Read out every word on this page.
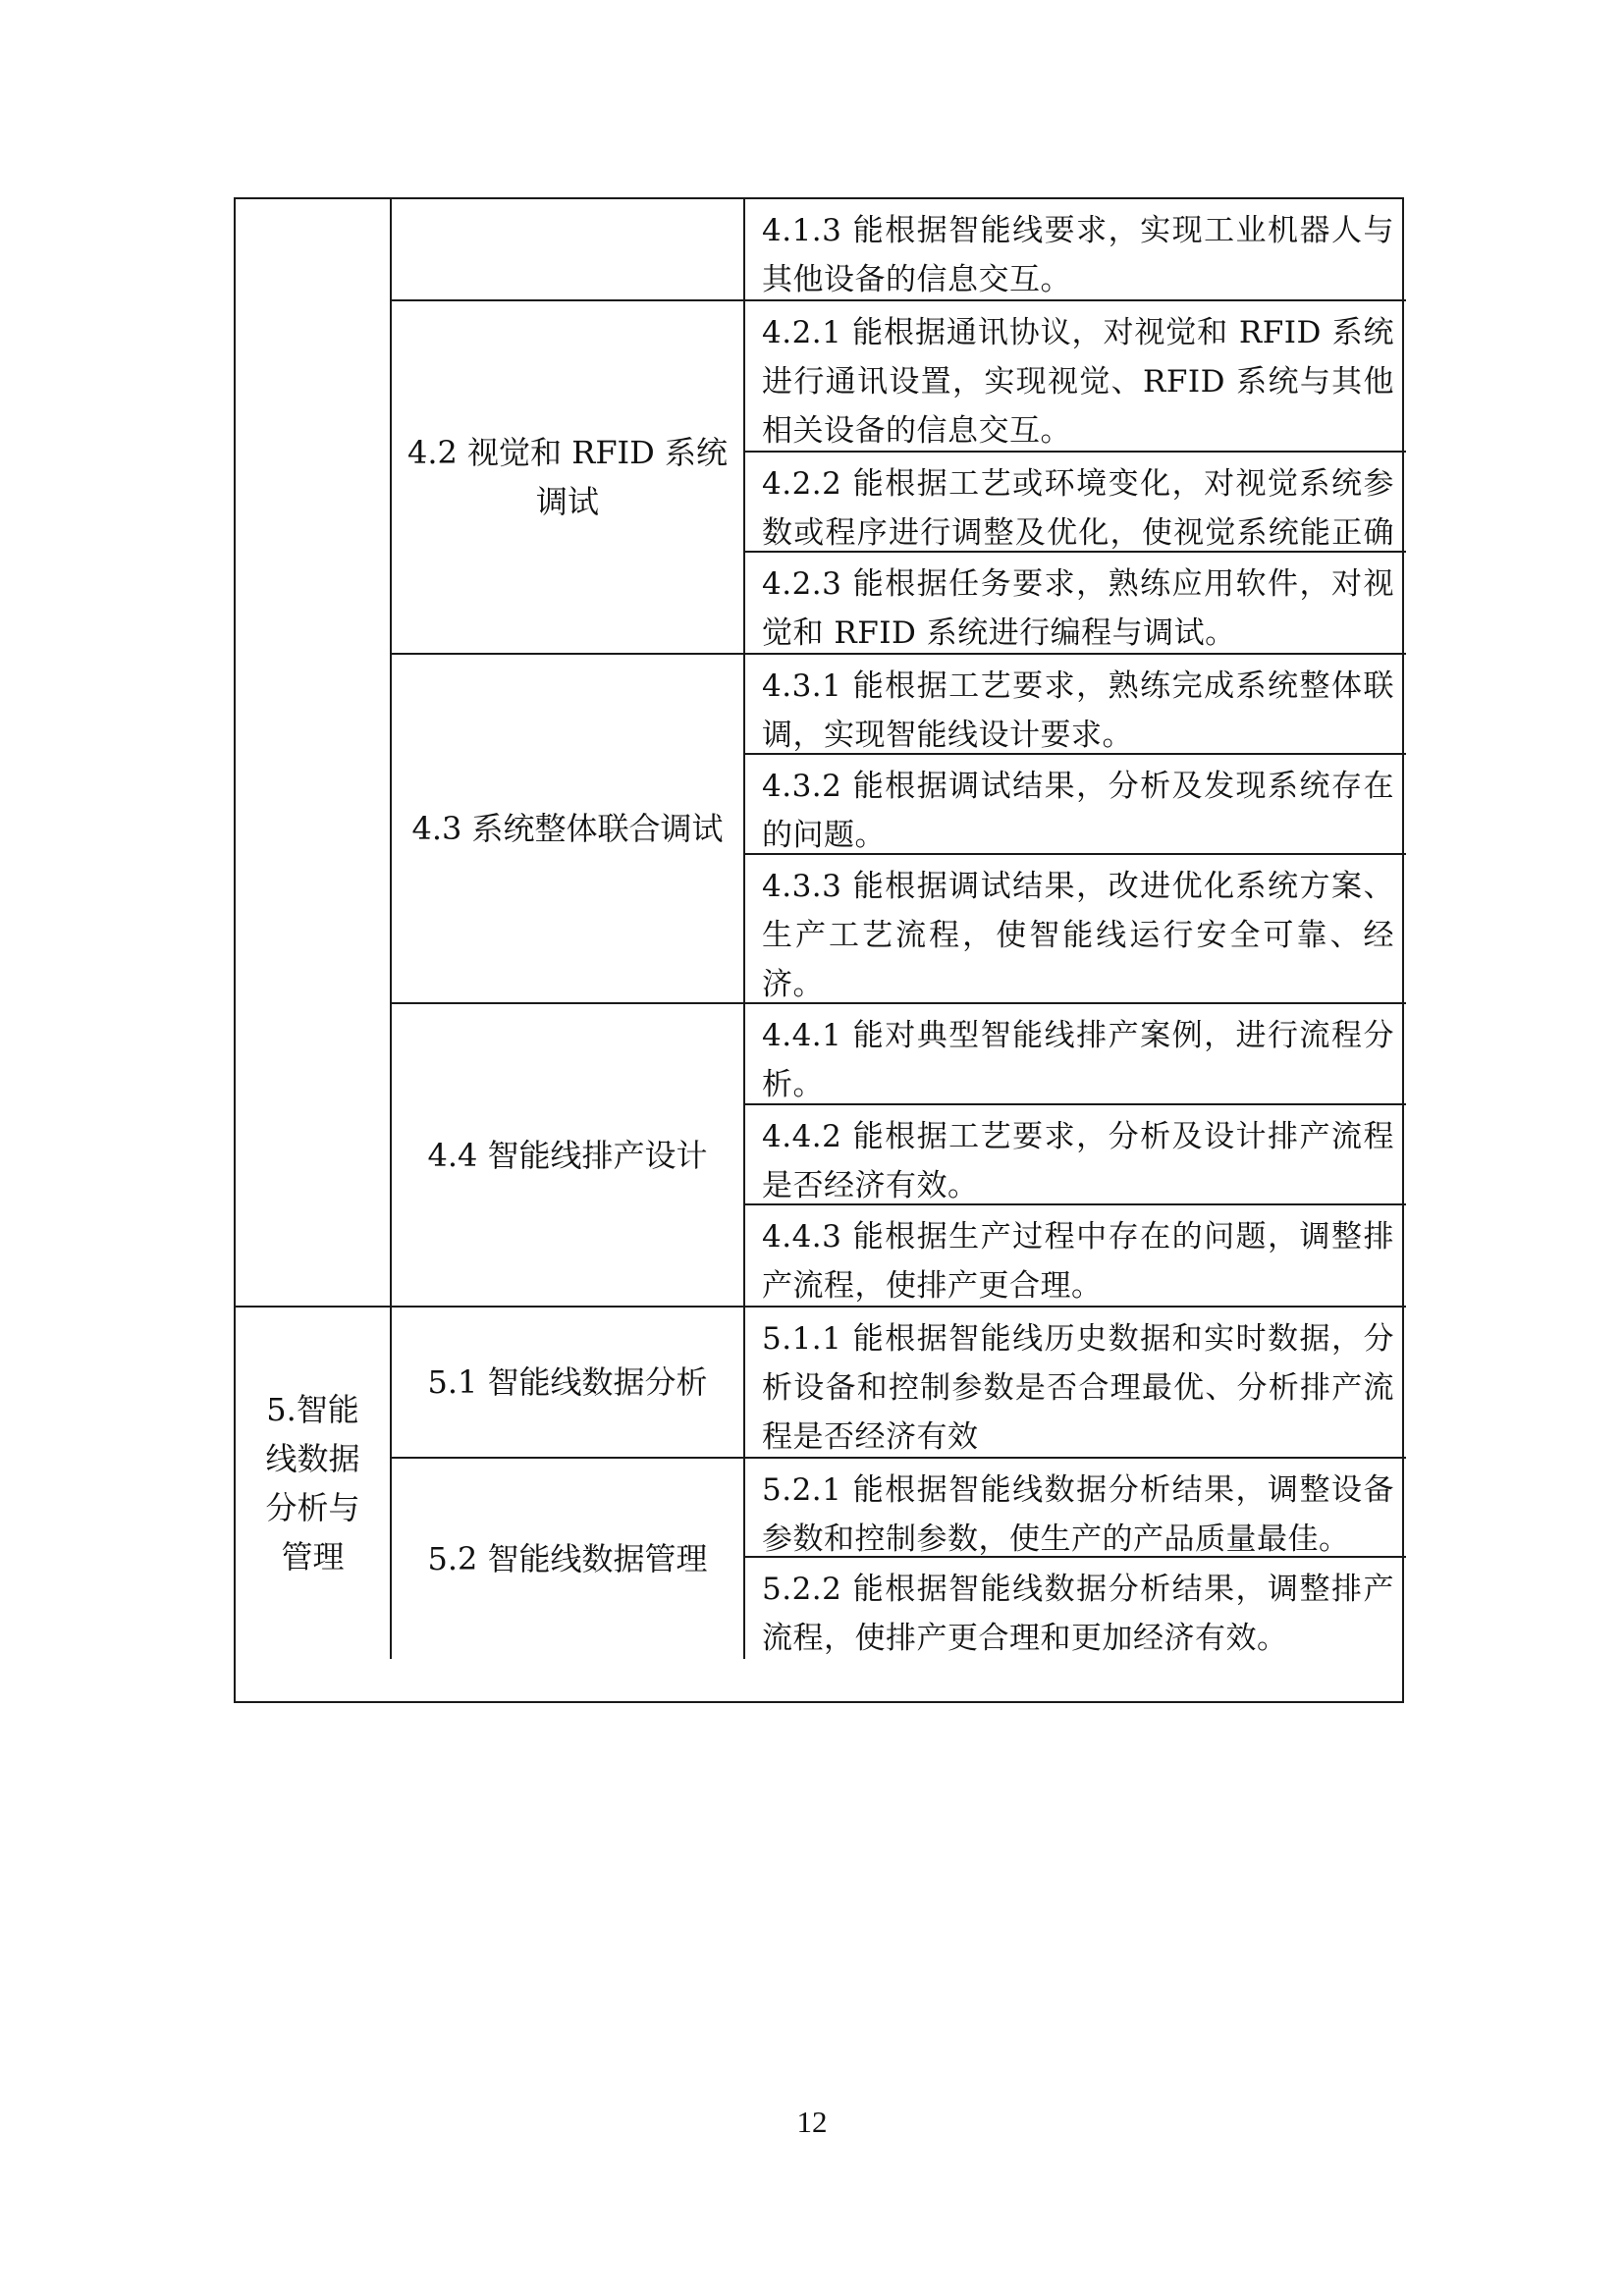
5.智能线数据分析与管理
4.2 视觉和 RFID 系统调试
4.3 系统整体联合调试
4.4 智能线排产设计
5.1 智能线数据分析
5.2 智能线数据管理
4.1.3 能根据智能线要求，实现工业机器人与其他设备的信息交互。
4.2.1 能根据通讯协议，对视觉和 RFID 系统进行通讯设置，实现视觉、RFID 系统与其他相关设备的信息交互。
4.2.2 能根据工艺或环境变化，对视觉系统参数或程序进行调整及优化，使视觉系统能正确
4.2.3 能根据任务要求，熟练应用软件，对视觉和 RFID 系统进行编程与调试。
4.3.1 能根据工艺要求，熟练完成系统整体联调，实现智能线设计要求。
4.3.2 能根据调试结果，分析及发现系统存在的问题。
4.3.3 能根据调试结果，改进优化系统方案、生产工艺流程，使智能线运行安全可靠、经济。
4.4.1 能对典型智能线排产案例，进行流程分析。
4.4.2 能根据工艺要求，分析及设计排产流程是否经济有效。
4.4.3 能根据生产过程中存在的问题，调整排产流程，使排产更合理。
5.1.1 能根据智能线历史数据和实时数据，分析设备和控制参数是否合理最优、分析排产流程是否经济有效
5.2.1 能根据智能线数据分析结果，调整设备参数和控制参数，使生产的产品质量最佳。
5.2.2 能根据智能线数据分析结果，调整排产流程，使排产更合理和更加经济有效。
12
